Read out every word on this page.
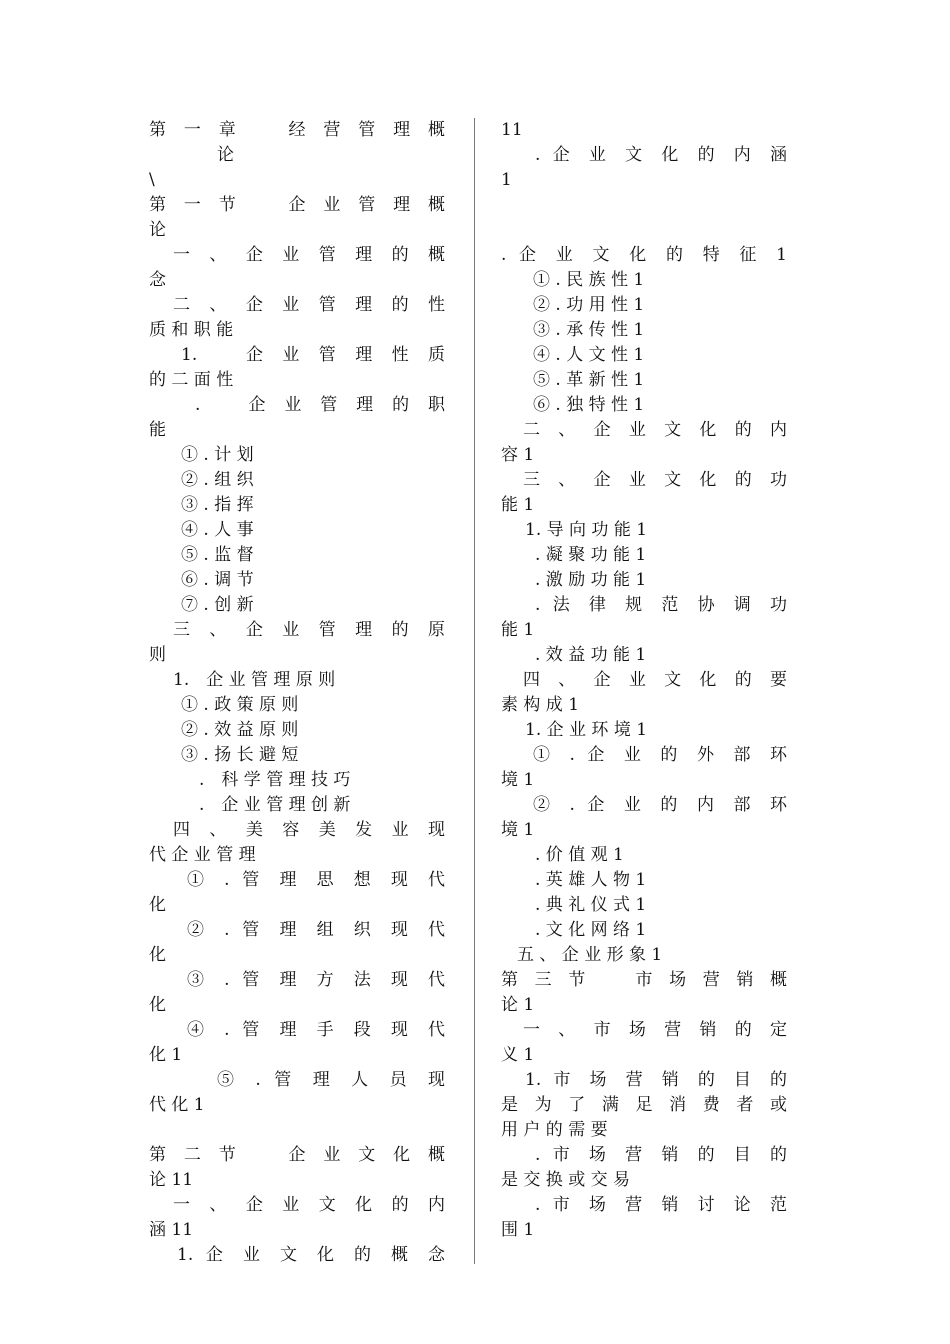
第 一 章 　 经 营 管 理 概
论
\
第 一 节 　 企 业 管 理 概
论
一 、 企 业 管 理 的 概
念
二 、 企 业 管 理 的 性
质 和 职 能
1. 　 企 业 管 理 性 质
的 二 面 性
. 　 企 业 管 理 的 职
能
① . 计 划
② . 组 织
③ . 指 挥
④ . 人 事
⑤ . 监 督
⑥ . 调 节
⑦ . 创 新
三 、 企 业 管 理 的 原
则
1.　企 业 管 理 原 则
① . 政 策 原 则
② . 效 益 原 则
③ . 扬 长 避 短
.　科 学 管 理 技 巧
.　企 业 管 理 创 新
四 、 美 容 美 发 业 现
代 企 业 管 理
① . 管 理 思 想 现 代
化
② . 管 理 组 织 现 代
化
③ . 管 理 方 法 现 代
化
④ . 管 理 手 段 现 代
化 1
⑤ . 管 理 人 员 现
代 化 1
第 二 节 　 企 业 文 化 概
论 11
一 、 企 业 文 化 的 内
涵 11
1. 企 业 文 化 的 概 念
11
. 企 业 文 化 的 内 涵
1
. 企 业 文 化 的 特 征 1
① . 民 族 性 1
② . 功 用 性 1
③ . 承 传 性 1
④ . 人 文 性 1
⑤ . 革 新 性 1
⑥ . 独 特 性 1
二 、 企 业 文 化 的 内
容 1
三 、 企 业 文 化 的 功
能 1
1. 导 向 功 能 1
. 凝 聚 功 能 1
. 激 励 功 能 1
. 法 律 规 范 协 调 功
能 1
. 效 益 功 能 1
四 、 企 业 文 化 的 要
素 构 成 1
1. 企 业 环 境 1
① . 企 业 的 外 部 环
境 1
② . 企 业 的 内 部 环
境 1
. 价 值 观 1
. 英 雄 人 物 1
. 典 礼 仪 式 1
. 文 化 网 络 1
五 、 企 业 形 象 1
第 三 节 　 市 场 营 销 概
论 1
一 、 市 场 营 销 的 定
义 1
1. 市 场 营 销 的 目 的
是 为 了 满 足 消 费 者 或
用 户 的 需 要
. 市 场 营 销 的 目 的
是 交 换 或 交 易
. 市 场 营 销 讨 论 范
围 1
